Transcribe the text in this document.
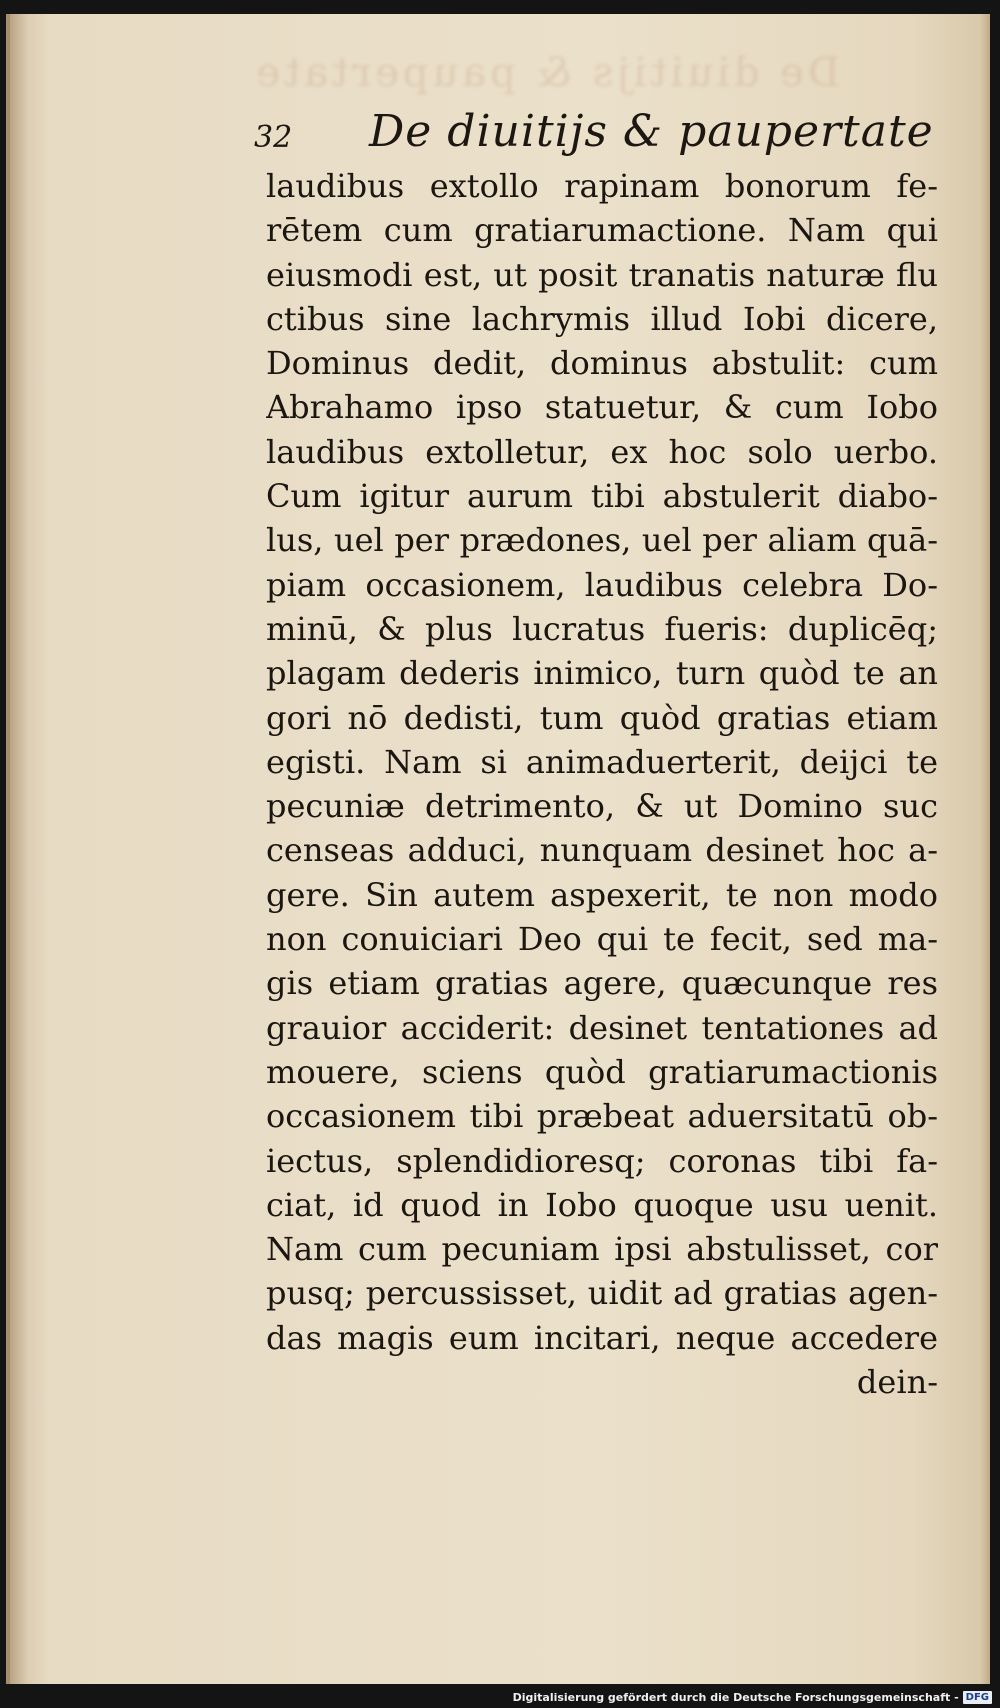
De diuitijs & paupertate
32 De diuitijs & paupertate
laudibus extollo rapinam bonorum fe-
rētem cum gratiarumactione. Nam qui
eiusmodi est, ut posit tranatis naturæ flu
ctibus sine lachrymis illud Iobi dicere,
Dominus dedit, dominus abstulit: cum
Abrahamo ipso statuetur, & cum Iobo
laudibus extolletur, ex hoc solo uerbo.
Cum igitur aurum tibi abstulerit diabo-
lus, uel per prædones, uel per aliam quā-
piam occasionem, laudibus celebra Do-
minū, & plus lucratus fueris: duplicēq;
plagam dederis inimico, turn quòd te an
gori nō dedisti, tum quòd gratias etiam
egisti. Nam si animaduerterit, deijci te
pecuniæ detrimento, & ut Domino suc
censeas adduci, nunquam desinet hoc a-
gere. Sin autem aspexerit, te non modo
non conuiciari Deo qui te fecit, sed ma-
gis etiam gratias agere, quæcunque res
grauior acciderit: desinet tentationes ad
mouere, sciens quòd gratiarumactionis
occasionem tibi præbeat aduersitatū ob-
iectus, splendidioresq; coronas tibi fa-
ciat, id quod in Iobo quoque usu uenit.
Nam cum pecuniam ipsi abstulisset, cor
pusq; percussisset, uidit ad gratias agen-
das magis eum incitari, neque accedere
dein-
Digitalisierung gefördert durch die Deutsche Forschungsgemeinschaft - DFG
